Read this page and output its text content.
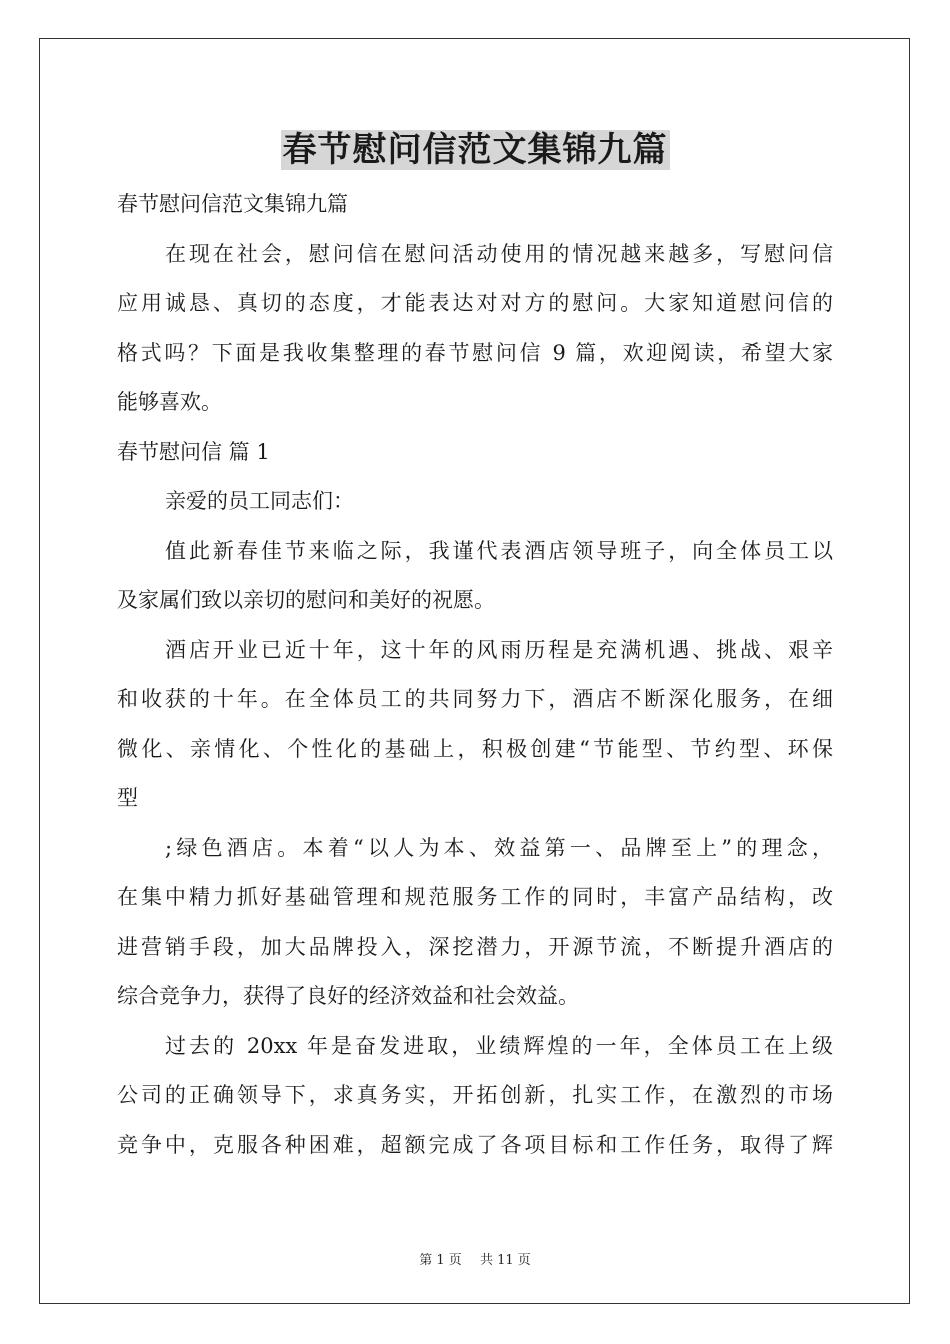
春节慰问信范文集锦九篇
春节慰问信范文集锦九篇
在现在社会，慰问信在慰问活动使用的情况越来越多，写慰问信
应用诚恳、真切的态度，才能表达对对方的慰问。大家知道慰问信的
格式吗？下面是我收集整理的春节慰问信 9 篇，欢迎阅读，希望大家
能够喜欢。
春节慰问信 篇 1
亲爱的员工同志们：
值此新春佳节来临之际，我谨代表酒店领导班子，向全体员工以
及家属们致以亲切的慰问和美好的祝愿。
酒店开业已近十年，这十年的风雨历程是充满机遇、挑战、艰辛
和收获的十年。在全体员工的共同努力下，酒店不断深化服务，在细
微化、亲情化、个性化的基础上，积极创建“节能型、节约型、环保
型
;绿色酒店。本着“以人为本、效益第一、品牌至上”的理念，
在集中精力抓好基础管理和规范服务工作的同时，丰富产品结构，改
进营销手段，加大品牌投入，深挖潜力，开源节流，不断提升酒店的
综合竞争力，获得了良好的经济效益和社会效益。
过去的 20xx 年是奋发进取，业绩辉煌的一年，全体员工在上级
公司的正确领导下，求真务实，开拓创新，扎实工作，在激烈的市场
竞争中，克服各种困难，超额完成了各项目标和工作任务，取得了辉
第 1 页 共 11 页
